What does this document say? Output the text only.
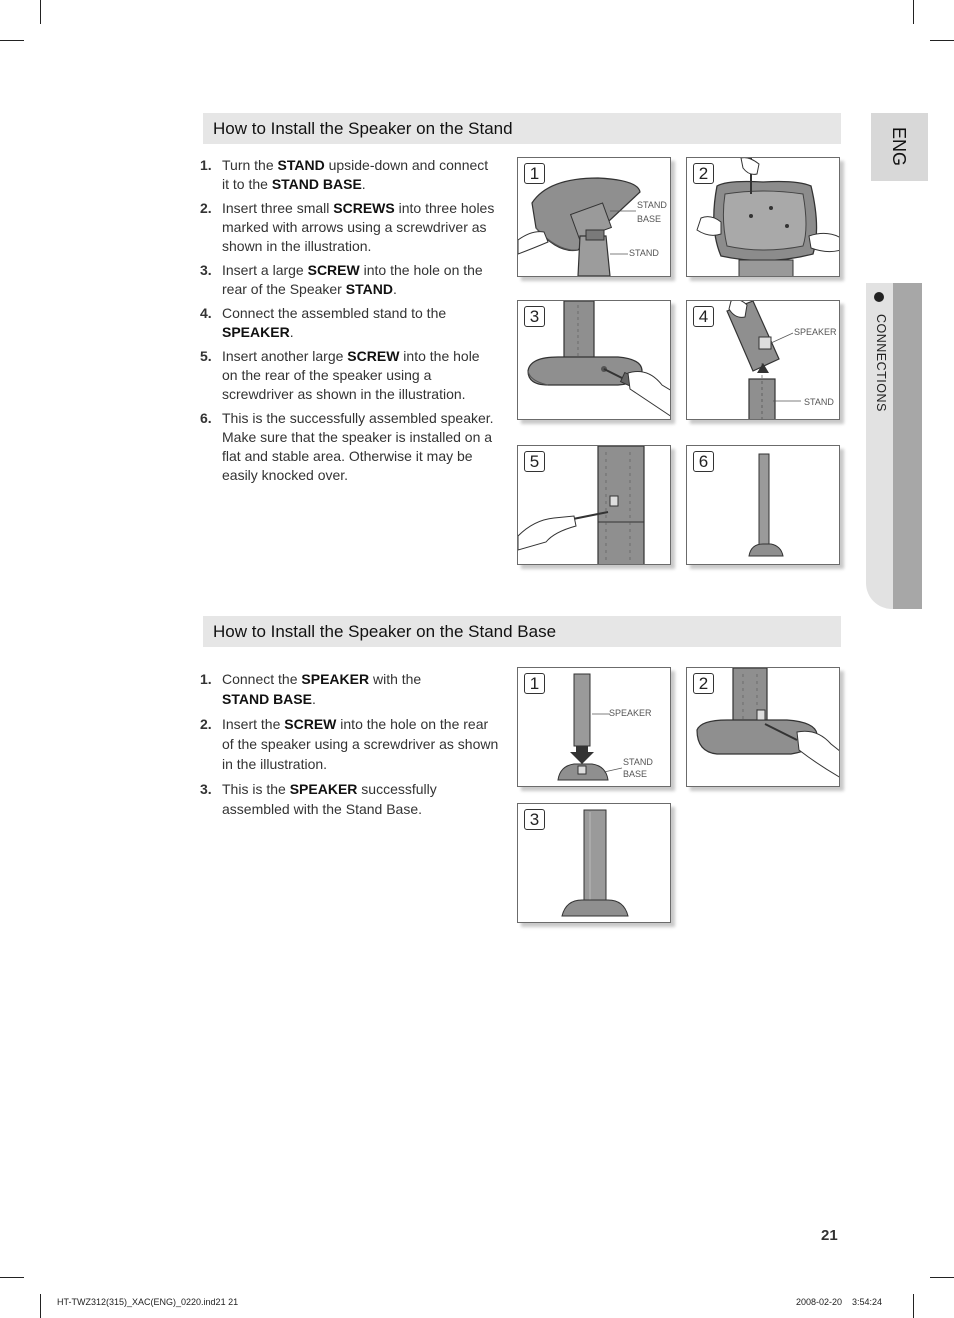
ENG
CONNECTIONS
How to Install the Speaker on the Stand
1. Turn the STAND upside-down and connect it to the STAND BASE.
2. Insert three small SCREWS into three holes marked with arrows using a screwdriver as shown in the illustration.
3. Insert a large SCREW into the hole on the rear of the Speaker STAND.
4. Connect the assembled stand to the SPEAKER.
5. Insert another large SCREW into the hole on the rear of the speaker using a screwdriver as shown in the illustration.
6. This is the successfully assembled speaker. Make sure that the speaker is installed on a flat and stable area. Otherwise it may be easily knocked over.
1
STAND
BASE
STAND
2
3	4
SPEAKER
STAND
5	6
How to Install the Speaker on the Stand Base
1. Connect the SPEAKER with the
STAND BASE.
2. Insert the SCREW into the hole on the rear of the speaker using a screwdriver as shown in the illustration.
3. This is the SPEAKER successfully assembled with the Stand Base.
1
SPEAKER
STAND
BASE
2
3
21
HT-TWZ312(315)_XAC(ENG)_0220.ind21 21	2008-02-20    3:54:24
